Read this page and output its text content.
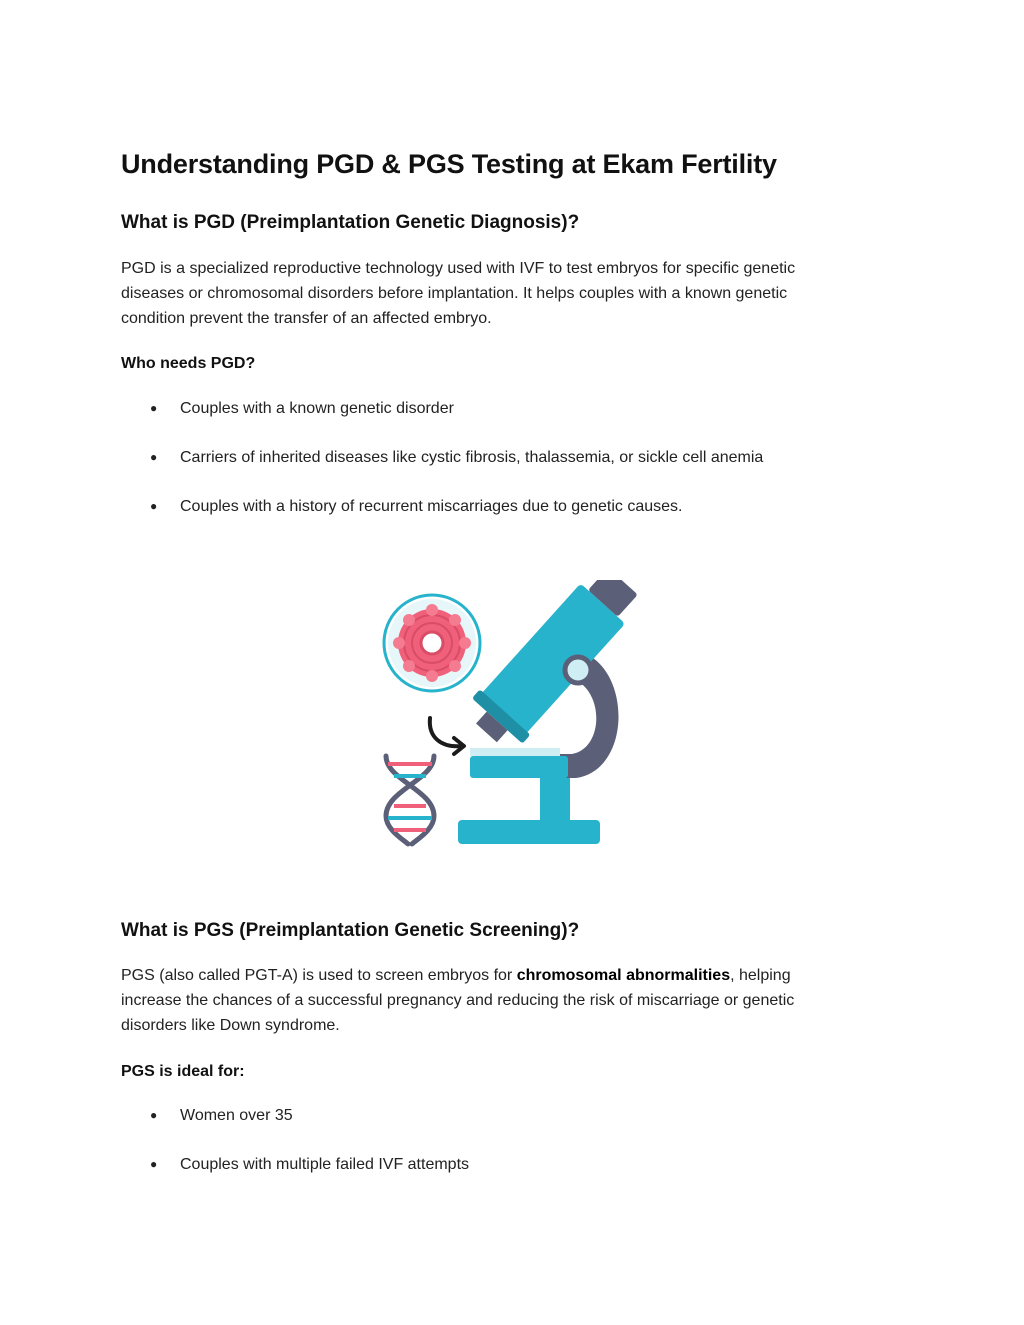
Understanding PGD & PGS Testing at Ekam Fertility
What is PGD (Preimplantation Genetic Diagnosis)?
PGD is a specialized reproductive technology used with IVF to test embryos for specific genetic
diseases or chromosomal disorders before implantation. It helps couples with a known genetic
condition prevent the transfer of an affected embryo.
Who needs PGD?
● Couples with a known genetic disorder
● Carriers of inherited diseases like cystic fibrosis, thalassemia, or sickle cell anemia
● Couples with a history of recurrent miscarriages due to genetic causes.
What is PGS (Preimplantation Genetic Screening)?
PGS (also called PGT-A) is used to screen embryos for chromosomal abnormalities, helping
increase the chances of a successful pregnancy and reducing the risk of miscarriage or genetic
disorders like Down syndrome.
PGS is ideal for:
● Women over 35
● Couples with multiple failed IVF attempts
